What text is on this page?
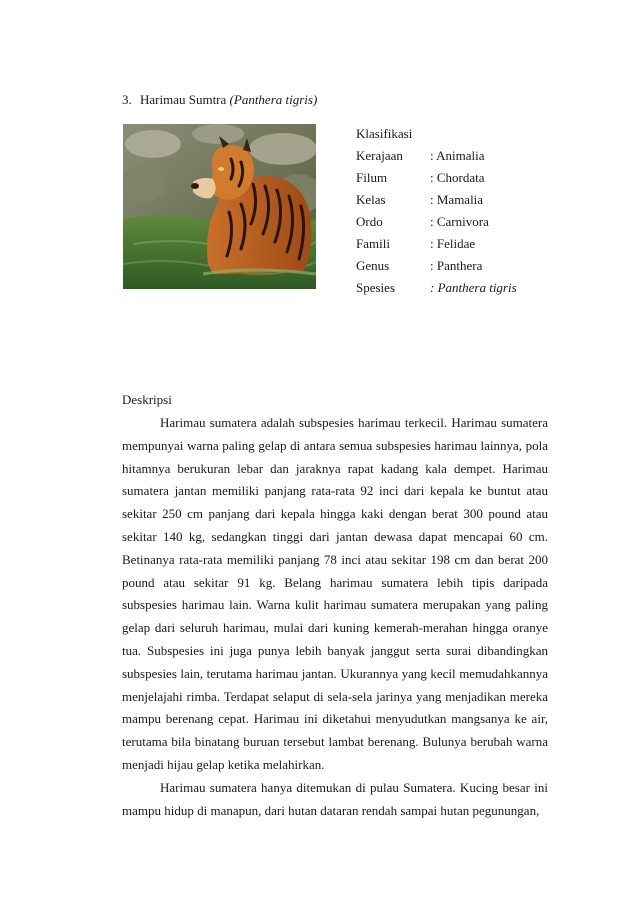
3. Harimau Sumtra (Panthera tigris)
Klasifikasi
Kerajaan : Animalia
Filum	: Chordata
Kelas	: Mamalia
Ordo	: Carnivora
Famili	: Felidae
Genus	: Panthera
Spesies	: Panthera tigris
Deskripsi

Harimau sumatera adalah subspesies harimau terkecil. Harimau sumatera mempunyai warna paling gelap di antara semua subspesies harimau lainnya, pola hitamnya berukuran lebar dan jaraknya rapat kadang kala dempet. Harimau sumatera jantan memiliki panjang rata-rata 92 inci dari kepala ke buntut atau sekitar 250 cm panjang dari kepala hingga kaki dengan berat 300 pound atau sekitar 140 kg, sedangkan tinggi dari jantan dewasa dapat mencapai 60 cm. Betinanya rata-rata memiliki panjang 78 inci atau sekitar 198 cm dan berat 200 pound atau sekitar 91 kg. Belang harimau sumatera lebih tipis daripada subspesies harimau lain. Warna kulit harimau sumatera merupakan yang paling gelap dari seluruh harimau, mulai dari kuning kemerah-merahan hingga oranye tua. Subspesies ini juga punya lebih banyak janggut serta surai dibandingkan subspesies lain, terutama harimau jantan. Ukurannya yang kecil memudahkannya menjelajahi rimba. Terdapat selaput di sela-sela jarinya yang menjadikan mereka mampu berenang cepat. Harimau ini diketahui menyudutkan mangsanya ke air, terutama bila binatang buruan tersebut lambat berenang. Bulunya berubah warna menjadi hijau gelap ketika melahirkan.

Harimau sumatera hanya ditemukan di pulau Sumatera. Kucing besar ini mampu hidup di manapun, dari hutan dataran rendah sampai hutan pegunungan,
